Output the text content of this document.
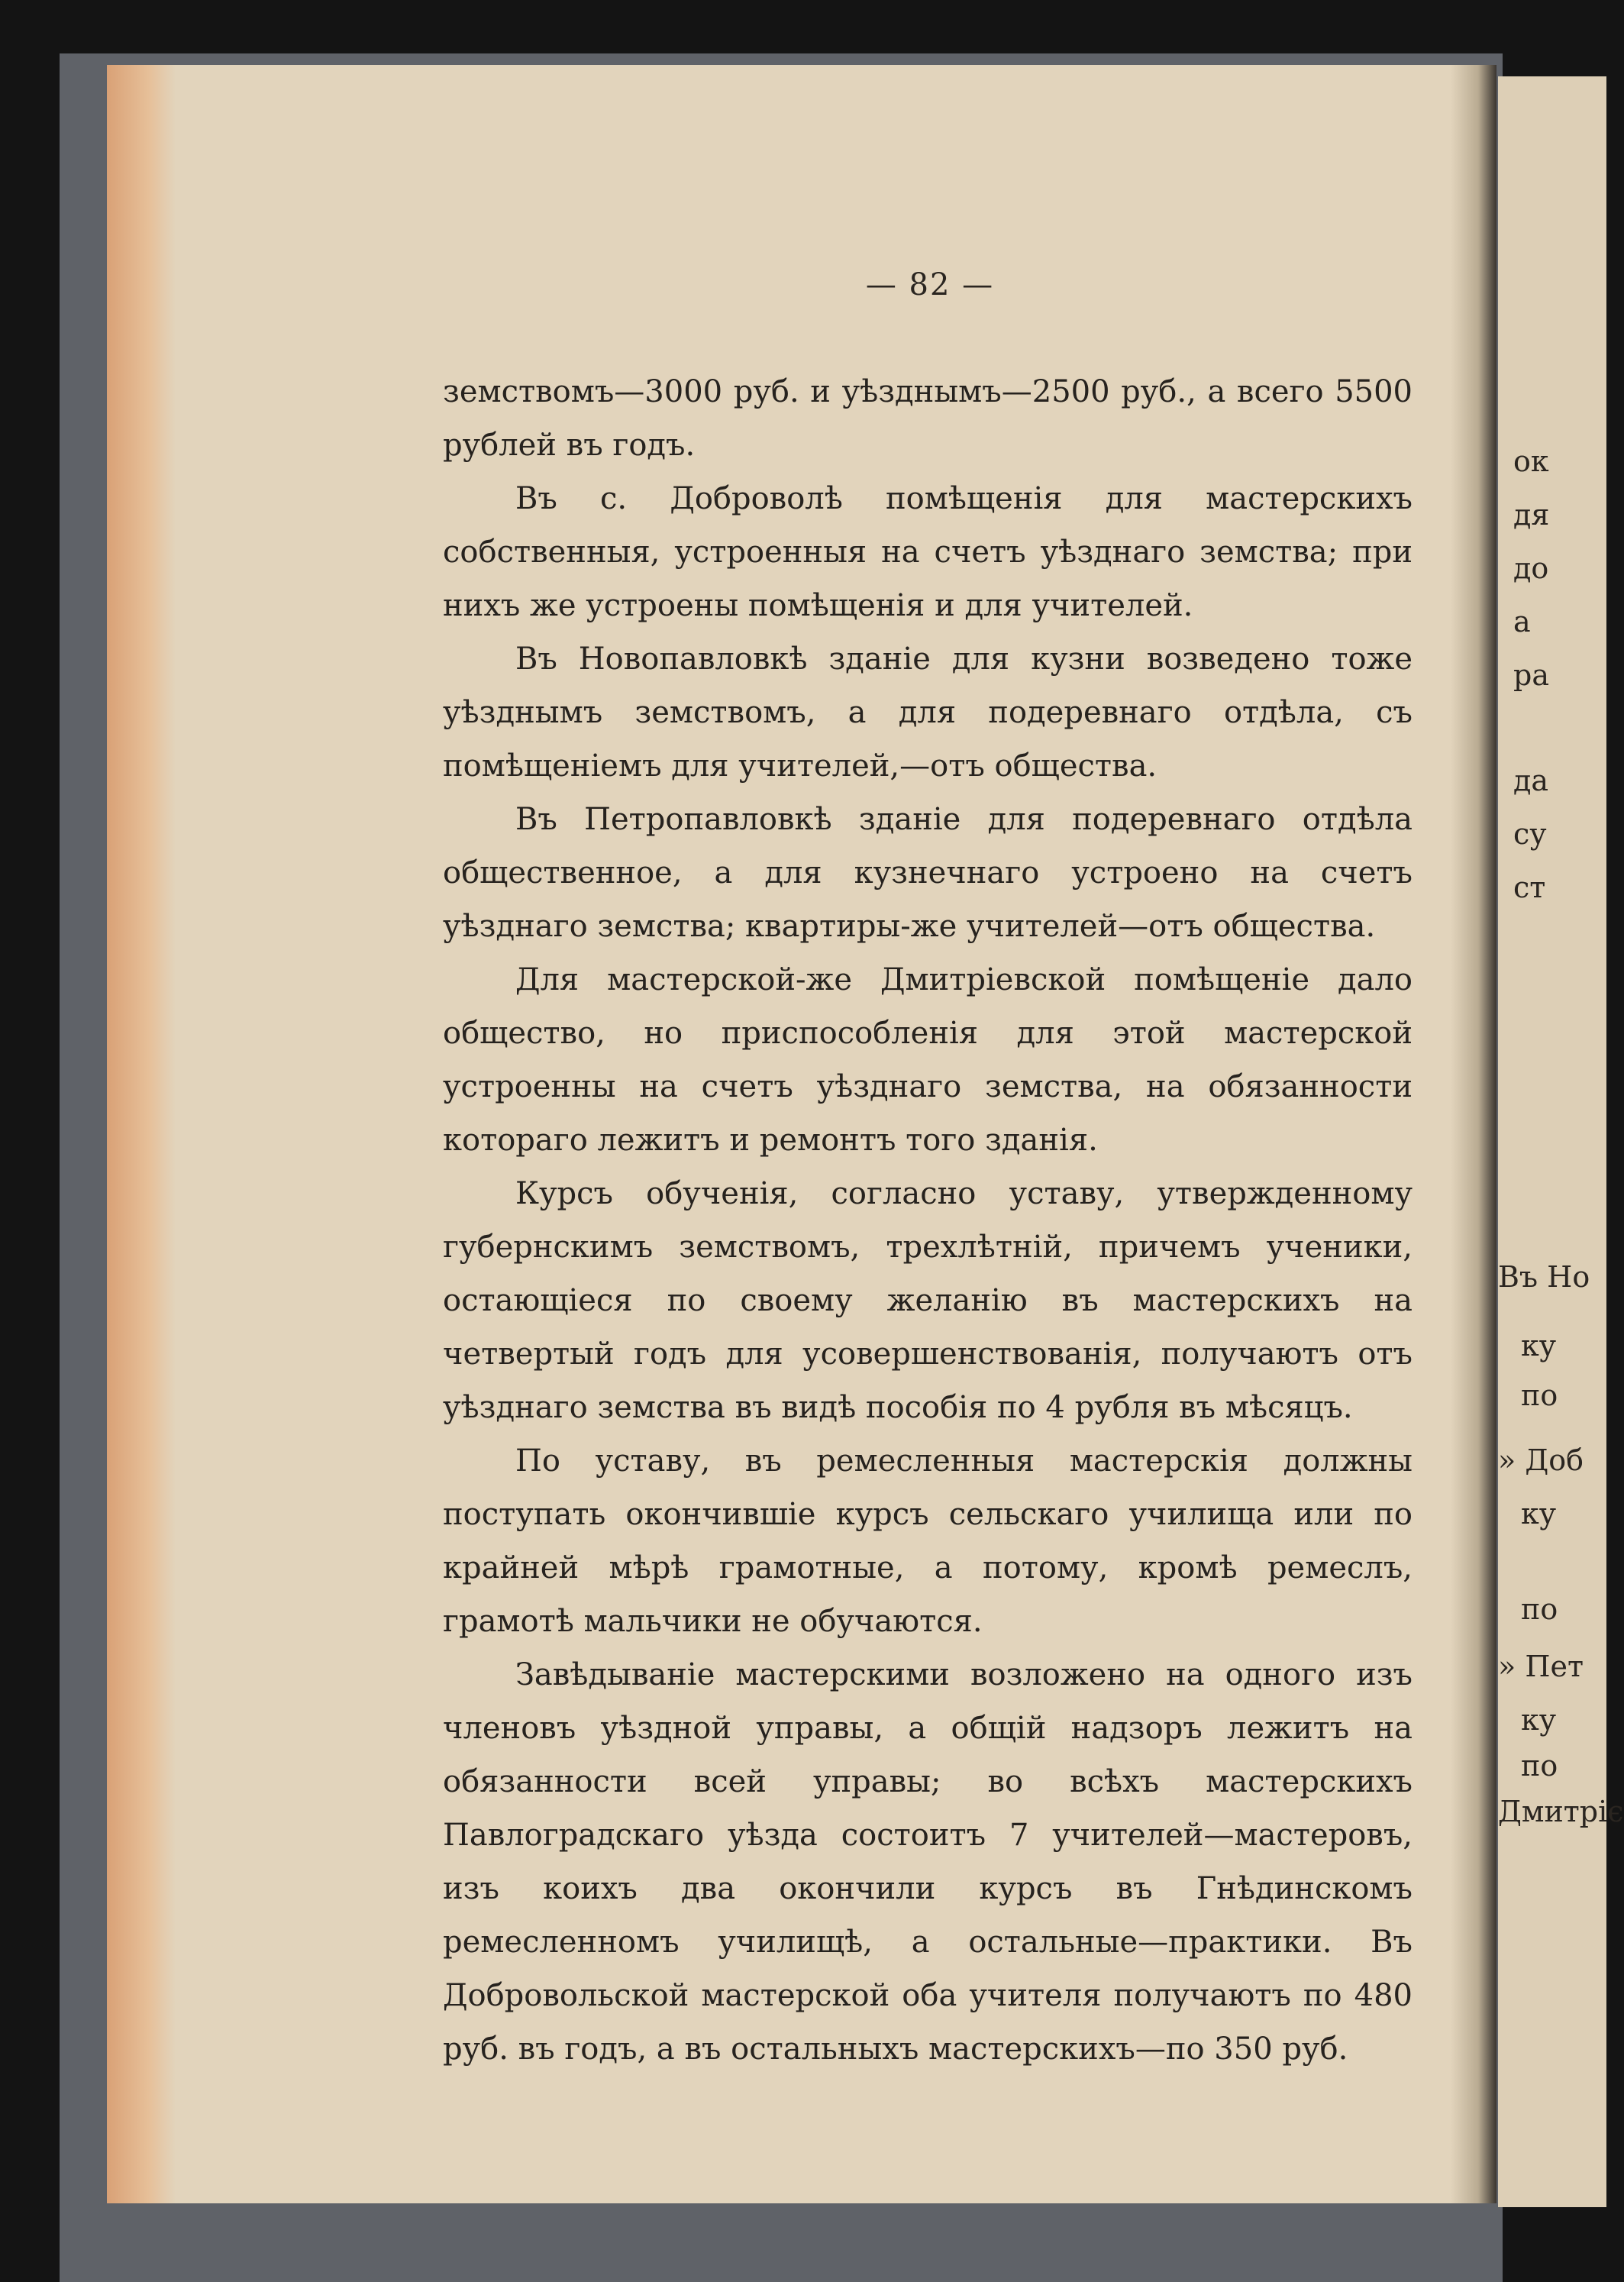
ок
дя
до
а
ра
да
су
ст
Въ Но
ку
по
» Доб
ку
по
» Пет
ку
по
Дмитріє
— 82 —

земствомъ—3000 руб. и уѣзднымъ—2500 руб., а всего 5500 рублей въ годъ.

Въ с. Доброволѣ помѣщенія для мастерскихъ собственныя, устроенныя на счетъ уѣзднаго земства; при нихъ же устроены помѣщенія и для учителей.

Въ Новопавловкѣ зданіе для кузни возведено тоже уѣзднымъ земствомъ, а для подеревнаго отдѣла, съ помѣщеніемъ для учителей,—отъ общества.

Въ Петропавловкѣ зданіе для подеревнаго отдѣла общественное, а для кузнечнаго устроено на счетъ уѣзднаго земства; квартиры-же учителей—отъ общества.

Для мастерской-же Дмитріевской помѣщеніе дало общество, но приспособленія для этой мастерской устроенны на счетъ уѣзднаго земства, на обязанности котораго лежитъ и ремонтъ того зданія.

Курсъ обученія, согласно уставу, утвержденному губернскимъ земствомъ, трехлѣтній, причемъ ученики, остающіеся по своему желанію въ мастерскихъ на четвертый годъ для усовершенствованія, получаютъ отъ уѣзднаго земства въ видѣ пособія по 4 рубля въ мѣсяцъ.

По уставу, въ ремесленныя мастерскія должны поступать окончившіе курсъ сельскаго училища или по крайней мѣрѣ грамотные, а потому, кромѣ ремеслъ, грамотѣ мальчики не обучаются.

Завѣдываніе мастерскими возложено на одного изъ членовъ уѣздной управы, а общій надзоръ лежитъ на обязанности всей управы; во всѣхъ мастерскихъ Павлоградскаго уѣзда состоитъ 7 учителей—мастеровъ, изъ коихъ два окончили курсъ въ Гнѣдинскомъ ремесленномъ училищѣ, а остальные—практики. Въ Добровольской мастерской оба учителя получаютъ по 480 руб. въ годъ, а въ остальныхъ мастерскихъ—по 350 руб.
